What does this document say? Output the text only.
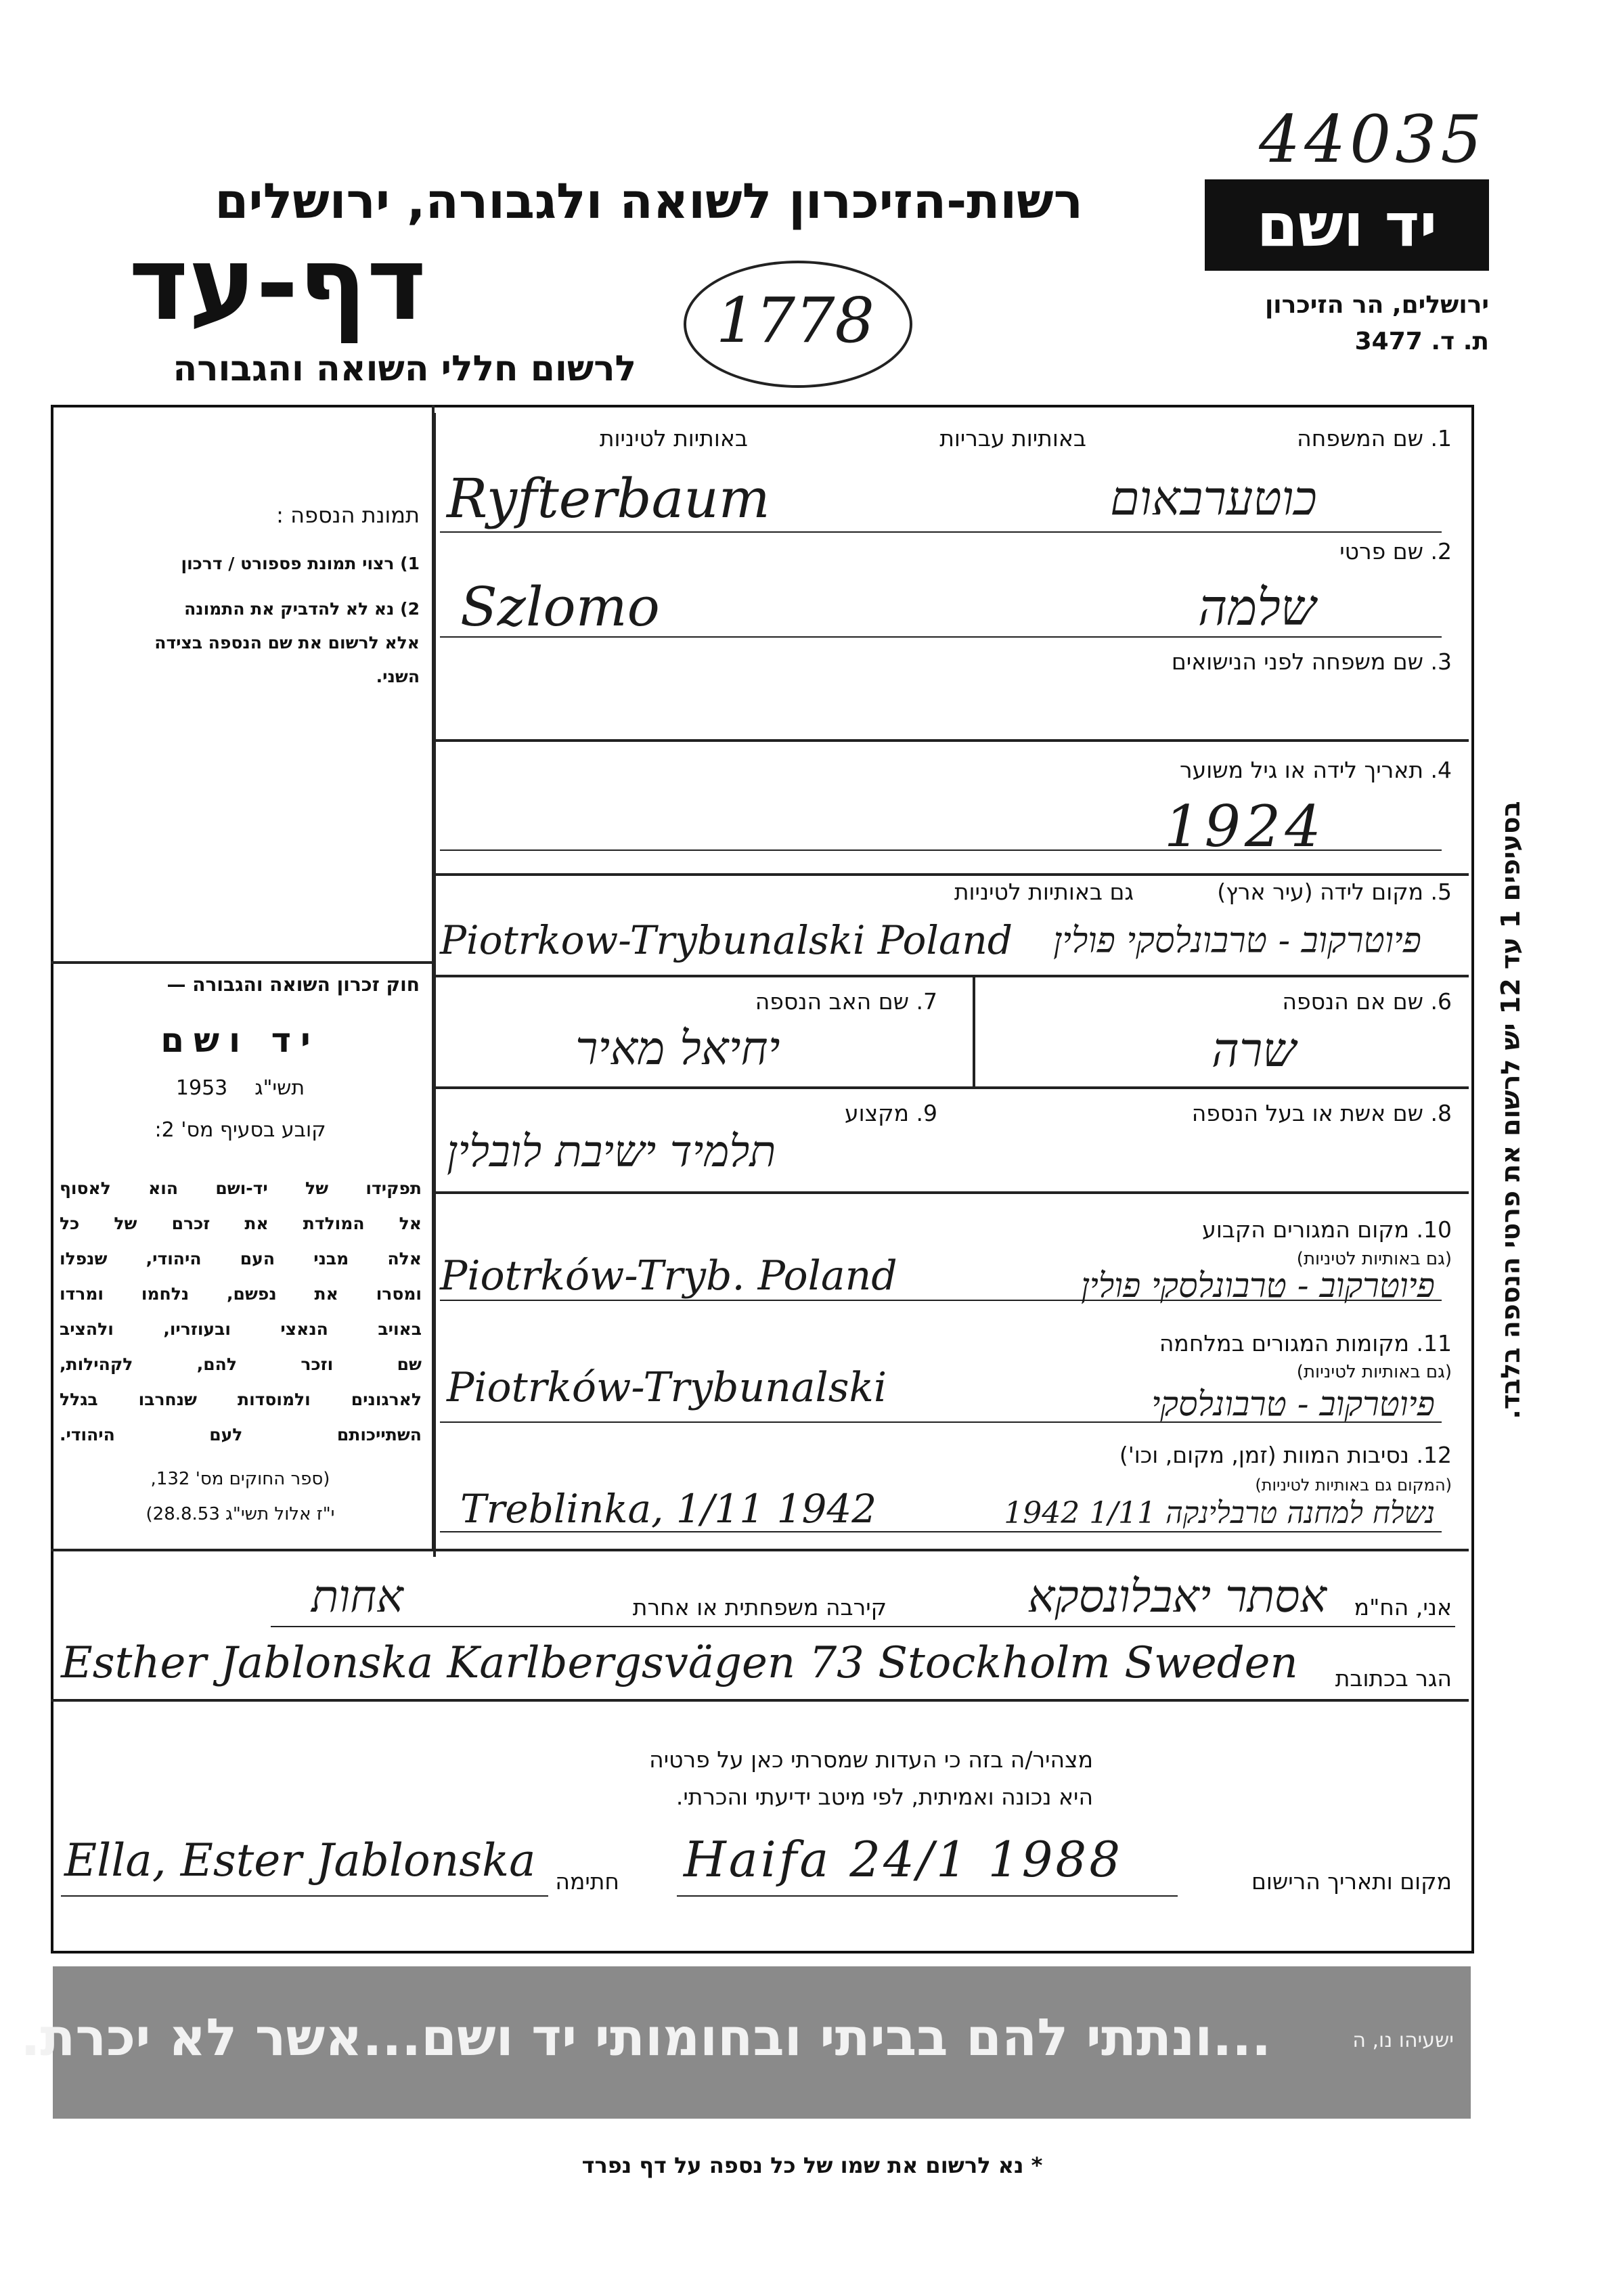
44035
רשות-הזיכרון לשואה ולגבורה, ירושלים
דף-עד
לרשום חללי השואה והגבורה
1778
יד ושם
ירושלים, הר הזיכרון
ת. ד. 3477
תמונת הנספה :
1) רצוי תמונת פספורט / דרכון
2) נא לא להדביק את התמונה
אלא לרשום את שם הנספה בצידה
השני.
חוק זכרון השואה והגבורה —
יד ושם
1953 תשי"ג
קובע בסעיף מס' 2:
תפקידו של יד-ושם הוא לאסוף
אל המולדת את זכרם של כל
אלה מבני העם היהודי, שנפלו
ומסרו את נפשם, נלחמו ומרדו
באויב הנאצי ובעוזריו, ולהציב
שם וזכר להם, לקהילות,
לארגונים ולמוסדות שנחרבו בגלל
השתייכותם לעם היהודי.
(ספר החוקים מס' 132,
י"ז אלול תשי"ג 28.8.53)
1. שם המשפחה
באותיות עבריות
באותיות לטיניות
Ryfterbaum	כוטערבאום
2. שם פרטי
Szlomo	שלמה
3. שם משפחה לפני הנישואים
4. תאריך לידה או גיל משוער
1924
5. מקום לידה (עיר ארץ)
גם באותיות לטיניות
Piotrkow-Trybunalski Poland	פיוטרקוב - טרבונלסקי פולין
6. שם אם הנספה
שרה
7. שם האב הנספה
יחיאל מאיר
8. שם אשת או בעל הנספה
9. מקצוע
תלמיד ישיבת לובלין
10. מקום המגורים הקבוע
(גם באותיות לטיניות)
Piotrków-Tryb. Poland	פיוטרקוב - טרבונלסקי פולין
11. מקומות המגורים במלחמה
(גם באותיות לטיניות)
Piotrków-Trybunalski	פיוטרקוב - טרבונלסקי
12. נסיבות המוות (זמן, מקום, וכו')
(המקום גם באותיות לטיניות)
Treblinka, 1/11 1942	נשלח למחנה טרבלינקה 1/11 1942
אני, הח"מ
אסתר יאבלונסקא
קירבה משפחתית או אחרת
אחות
הגר בכתובת
Esther Jablonska Karlbergsvägen 73 Stockholm Sweden
מצהיר/ה בזה כי העדות שמסרתי כאן על פרטיה
היא נכונה ואמיתית, לפי מיטב ידיעתי והכרתי.
Ella, Ester Jablonska חתימה Haifa 24/1 1988	מקום ותאריך הרישום
...ונתתי להם בביתי ובחומותי יד ושם...אשר לא יכרת.	ישעיהו נו, ה
בסעיפים 1 עד 12 יש לרשום את פרטי הנספה בלבד.
* נא לרשום את שמו של כל נספה על דף נפרד
